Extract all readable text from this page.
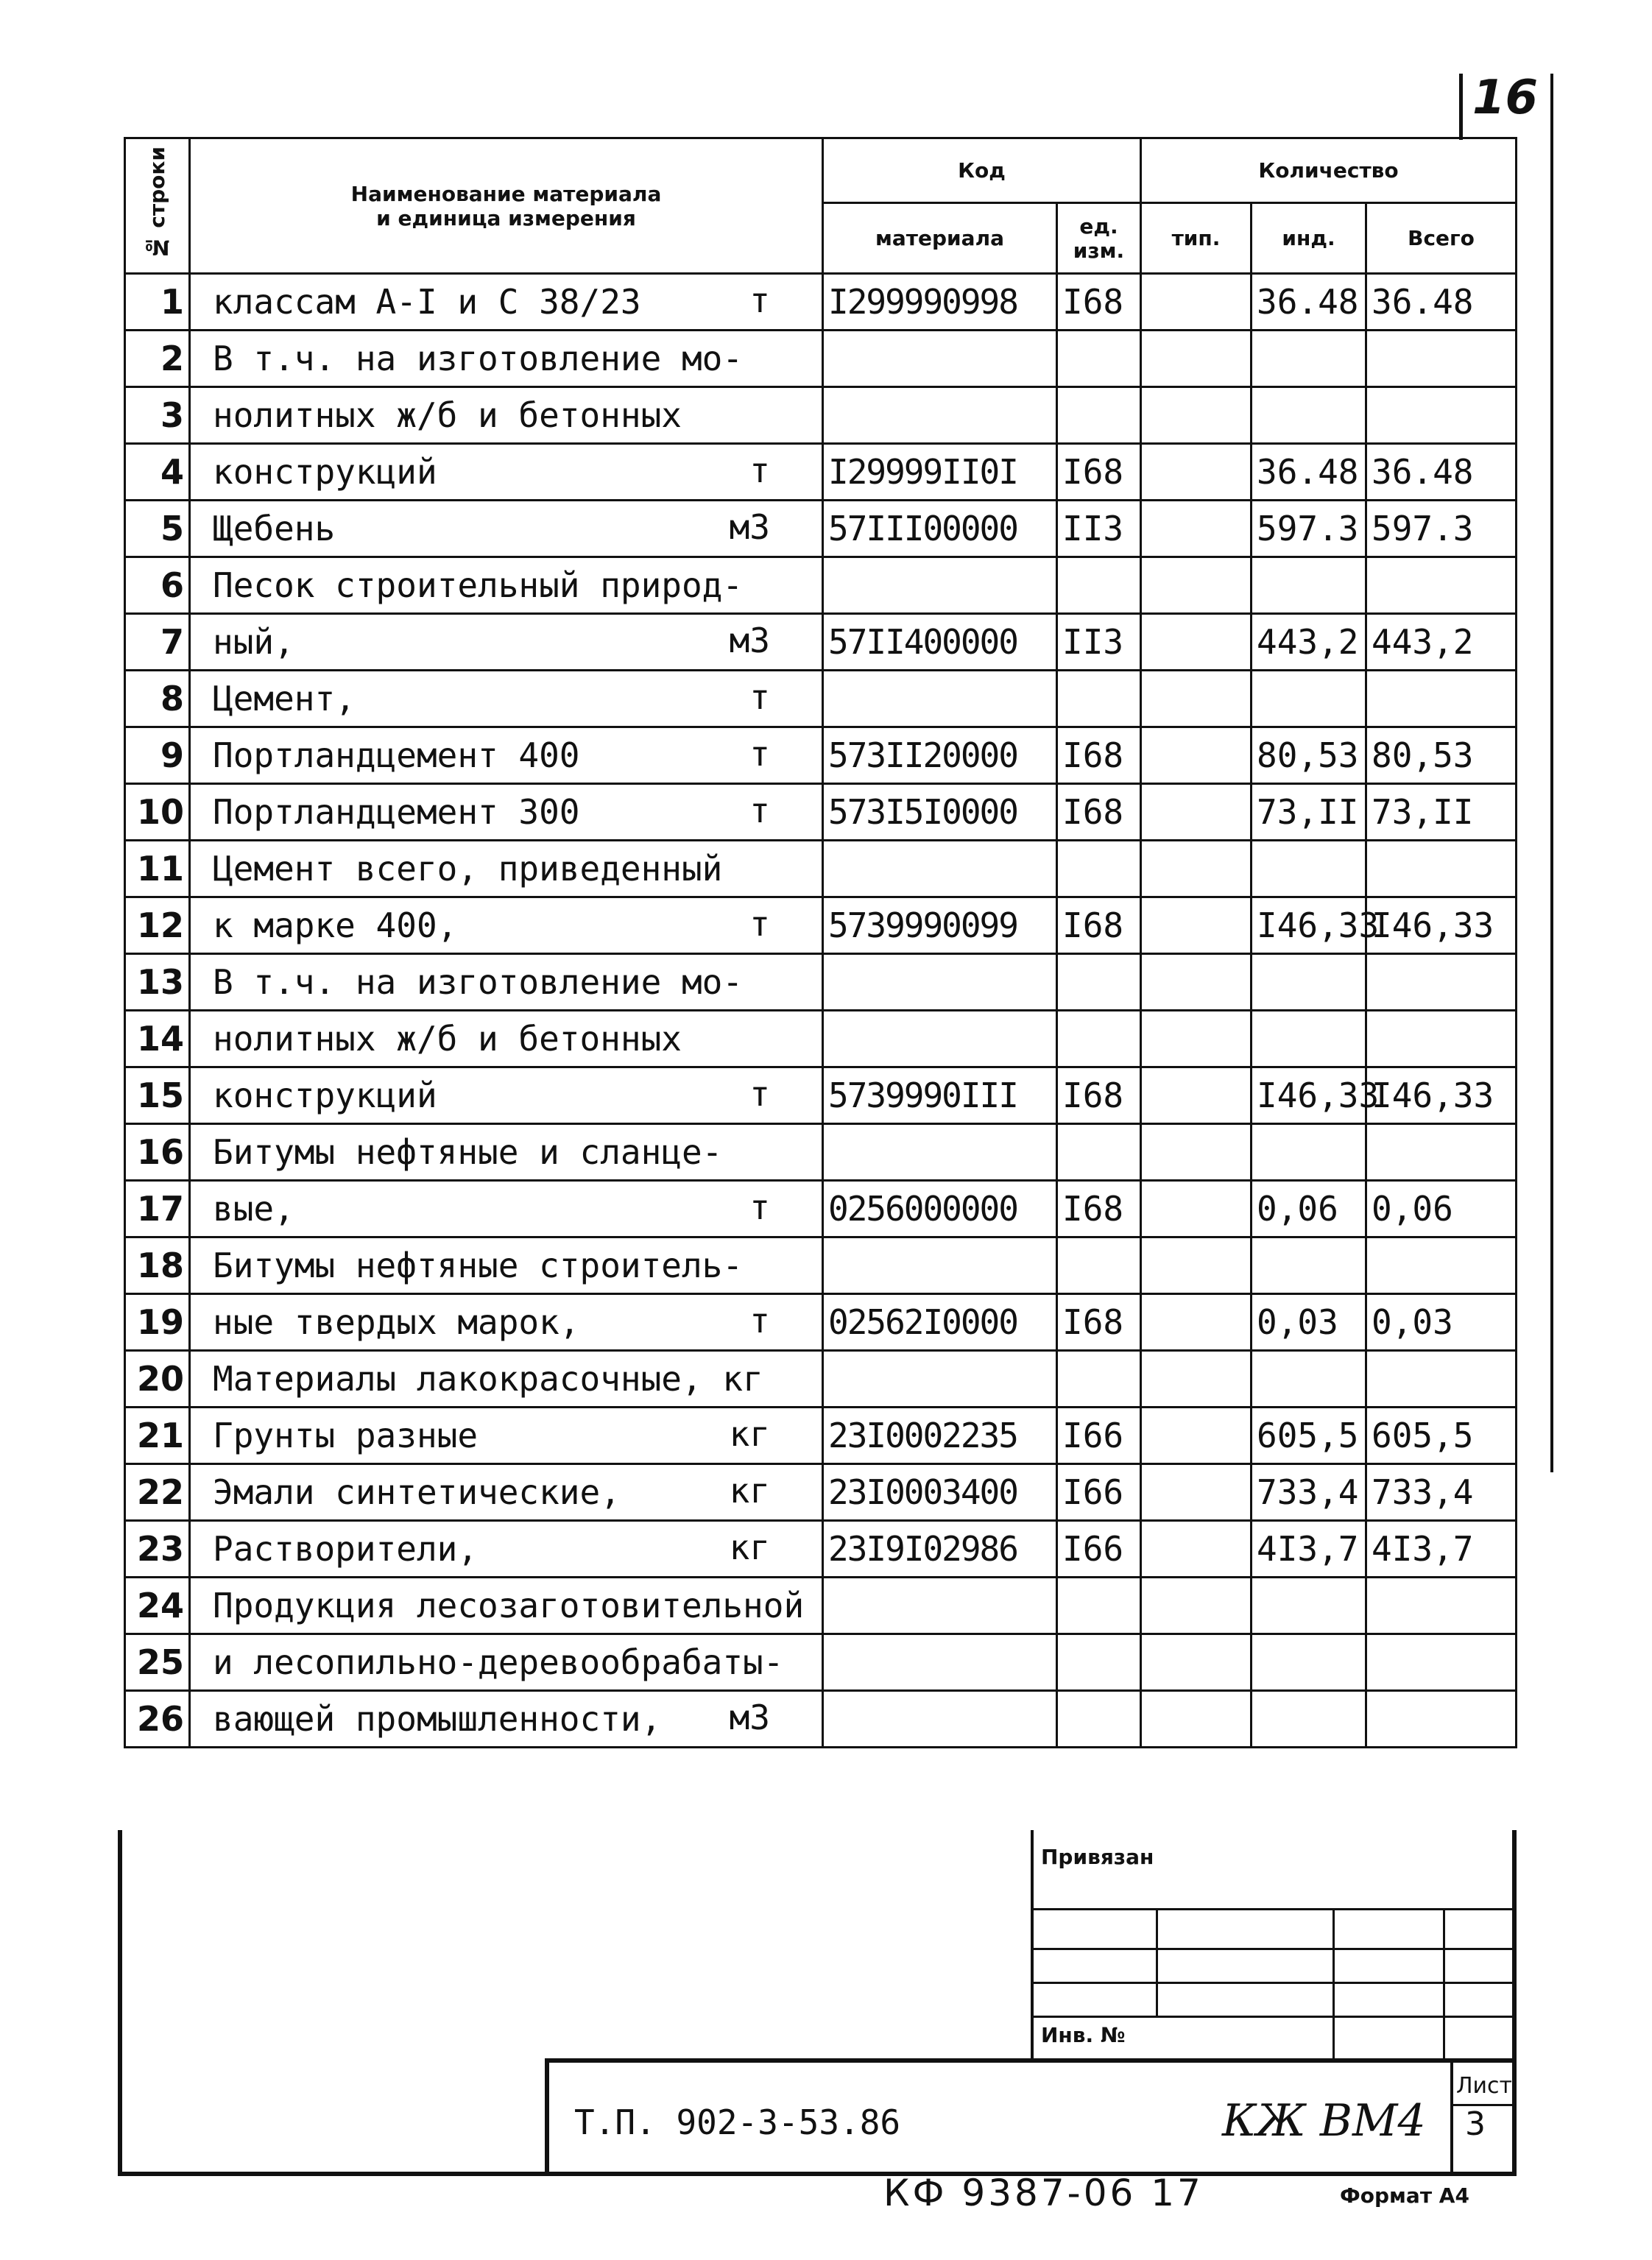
16
№ строки	Наименование материала
и единица измерения	Код		Количество		
		материала	ед. изм.	тип.	инд.	Всего
1	классам А-I и С 38/23 т	I299990998	I68		36.48	36.48
2	В т.ч. на изготовление мо-

3	нолитных ж/б и бетонных

4	конструкций т	I29999II0I	I68		36.48	36.48
5	Щебень м3	57III00000	II3		597.3	597.3
6	Песок строительный природ-

7	ный, м3	57II400000	II3		443,2	443,2
8	Цемент, т					

9	Портландцемент 400 т	573II20000	I68		80,53	80,53
10	Портландцемент 300 т	573I5I0000	I68		73,II	73,II
11	Цемент всего, приведенный

12	к марке 400, т	5739990099	I68		I46,33	I46,33
13	В т.ч. на изготовление мо-

14	нолитных ж/б и бетонных

15	конструкций т	5739990III	I68		I46,33	I46,33
16	Битумы нефтяные и сланце-

17	вые, т	0256000000	I68		0,06	0,06
18	Битумы нефтяные строитель-

19	ные твердых марок, т	02562I0000	I68		0,03	0,03
20	Материалы лакокрасочные, кг

21	Грунты разные кг	23I0002235	I66		605,5	605,5
22	Эмали синтетические, кг	23I0003400	I66		733,4	733,4
23	Растворители, кг	23I9I02986	I66		4I3,7	4I3,7
24	Продукция лесозаготовительной

25	и лесопильно-деревообрабаты-

26	вающей промышленности, м3					

Привязан
Инв. №
Т.П. 902-3-53.86	КЖ ВМ4
Лист
3
КФ 9387-06 17	Формат А4
